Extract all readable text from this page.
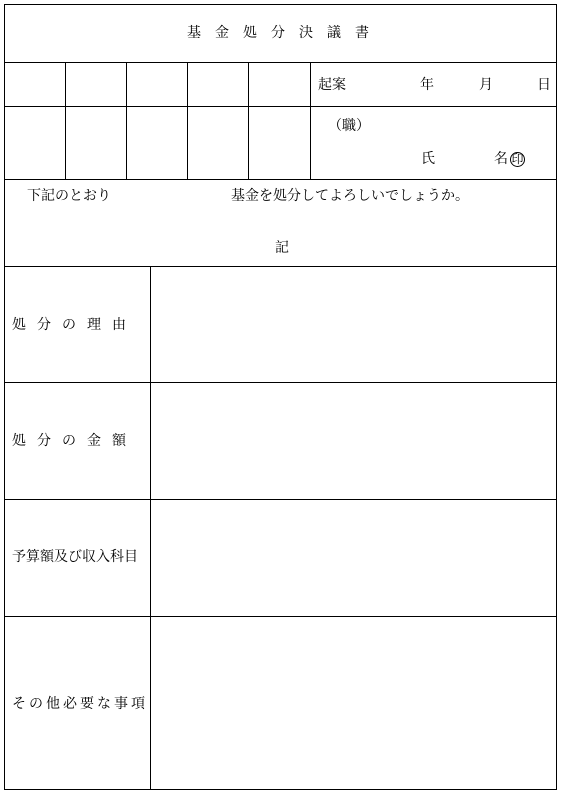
基金処分決議書
起案	年	月	日
（職）
氏	名 印
下記のとおり	基金を処分してよろしいでしょうか。
記
処分の理由
処分の金額
予算額及び収入科目
その他必要な事項
